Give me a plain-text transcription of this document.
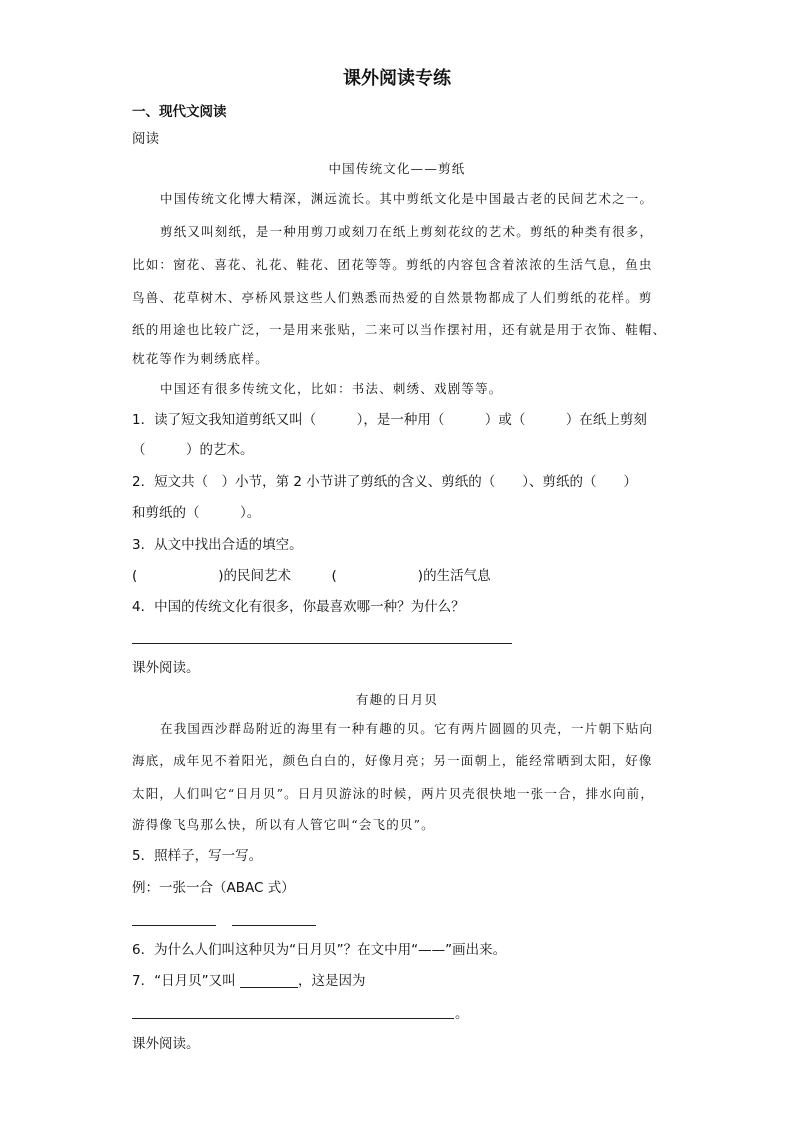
课外阅读专练
一、现代文阅读
阅读
中国传统文化——剪纸
中国传统文化博大精深，渊远流长。其中剪纸文化是中国最古老的民间艺术之一。
剪纸又叫刻纸，是一种用剪刀或刻刀在纸上剪刻花纹的艺术。剪纸的种类有很多，
比如：窗花、喜花、礼花、鞋花、团花等等。剪纸的内容包含着浓浓的生活气息，鱼虫
鸟兽、花草树木、亭桥风景这些人们熟悉而热爱的自然景物都成了人们剪纸的花样。剪
纸的用途也比较广泛，一是用来张贴，二来可以当作摆衬用，还有就是用于衣饰、鞋帽、
枕花等作为刺绣底样。
中国还有很多传统文化，比如：书法、刺绣、戏剧等等。
1．读了短文我知道剪纸又叫（　　　），是一种用（　　　）或（　　　）在纸上剪刻
（　　　）的艺术。
2．短文共（　）小节，第 2 小节讲了剪纸的含义、剪纸的（　　）、剪纸的（　　）
和剪纸的（　　　）。
3．从文中找出合适的填空。
(　　　　　　)的民间艺术　　　(　　　　　　)的生活气息
4．中国的传统文化有很多，你最喜欢哪一种？为什么？
课外阅读。
有趣的日月贝
在我国西沙群岛附近的海里有一种有趣的贝。它有两片圆圆的贝壳，一片朝下贴向
海底，成年见不着阳光，颜色白白的，好像月亮；另一面朝上，能经常晒到太阳，好像
太阳，人们叫它“日月贝”。日月贝游泳的时候，两片贝壳很快地一张一合，排水向前，
游得像飞鸟那么快，所以有人管它叫“会飞的贝”。
5．照样子，写一写。
例：一张一合（ABAC 式）
6．为什么人们叫这种贝为“日月贝”？在文中用“——”画出来。
7．“日月贝”又叫	，这是因为
。
课外阅读。
